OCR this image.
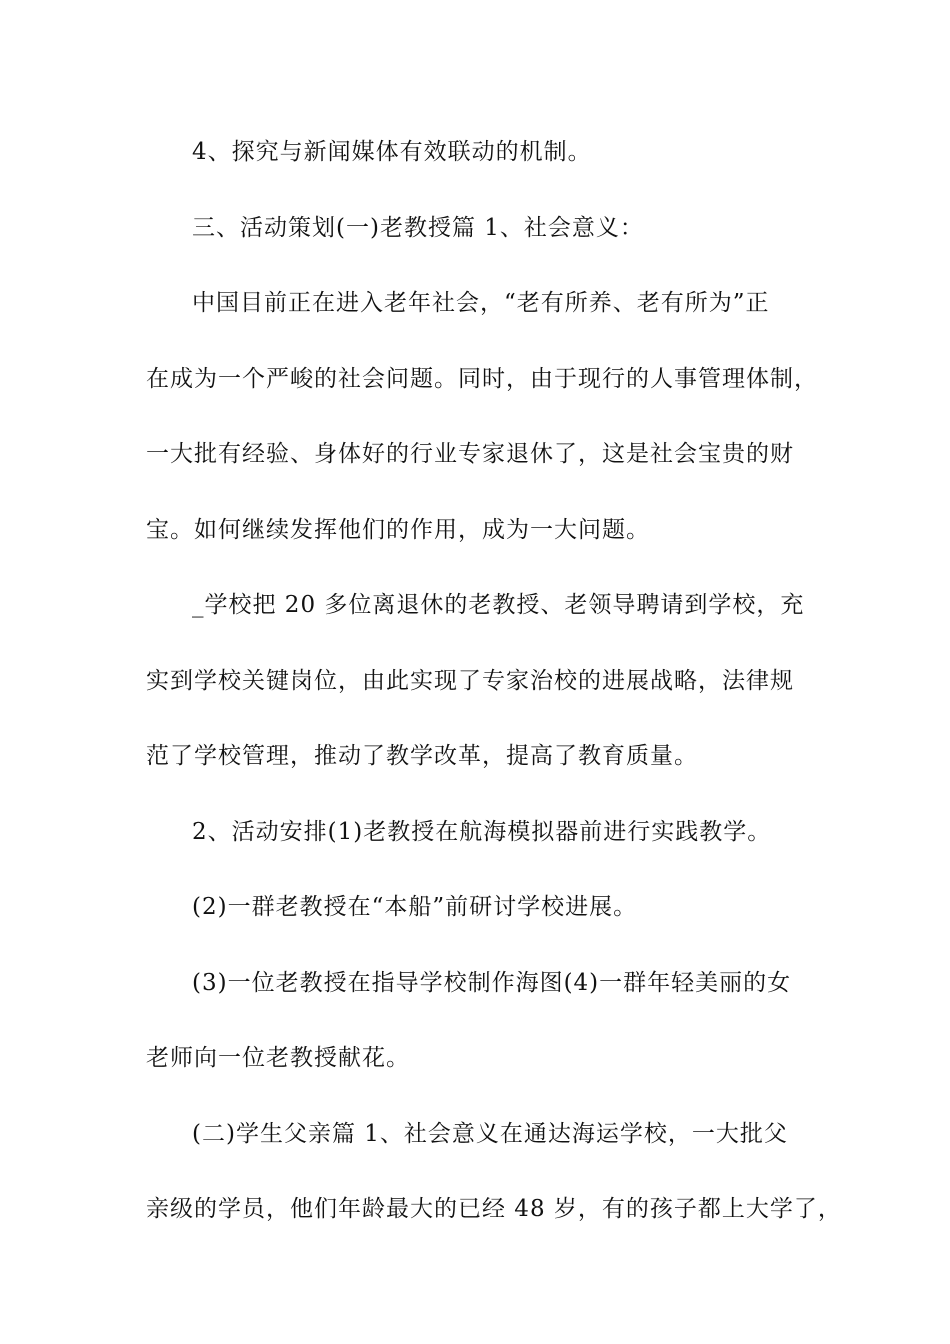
4、探究与新闻媒体有效联动的机制。

三、活动策划(一)老教授篇 1、社会意义：

中国目前正在进入老年社会，“老有所养、老有所为”正

在成为一个严峻的社会问题。同时，由于现行的人事管理体制，

一大批有经验、身体好的行业专家退休了，这是社会宝贵的财

宝。如何继续发挥他们的作用，成为一大问题。

_学校把 20 多位离退休的老教授、老领导聘请到学校，充

实到学校关键岗位，由此实现了专家治校的进展战略，法律规

范了学校管理，推动了教学改革，提高了教育质量。

2、活动安排(1)老教授在航海模拟器前进行实践教学。

(2)一群老教授在“本船”前研讨学校进展。

(3)一位老教授在指导学校制作海图(4)一群年轻美丽的女

老师向一位老教授献花。

(二)学生父亲篇 1、社会意义在通达海运学校，一大批父

亲级的学员，他们年龄最大的已经 48 岁，有的孩子都上大学了，
